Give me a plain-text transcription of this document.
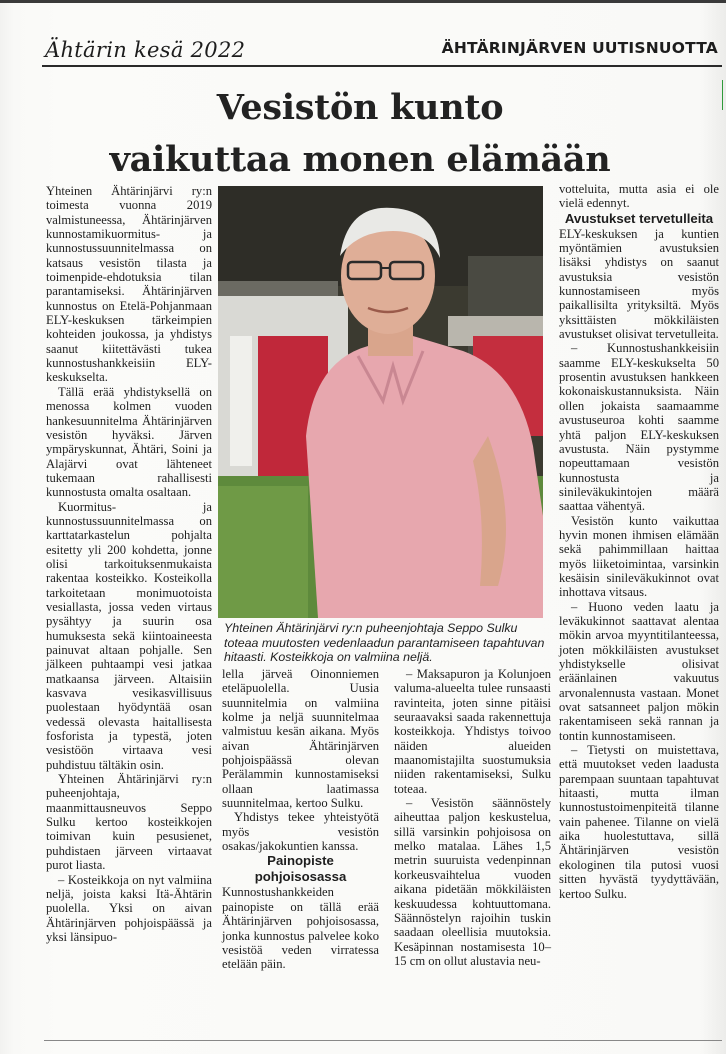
Ähtärin kesä 2022	ÄHTÄRINJÄRVEN UUTISNUOTTA
Vesistön kunto
vaikuttaa monen elämään

Yhteinen Ähtärinjärvi ry:n toimesta vuonna 2019 valmistuneessa, Ähtärinjärven kunnostamikuormitus- ja kunnostussuunnitelmassa on katsaus vesistön tilasta ja toimenpide-ehdotuksia tilan parantamiseksi. Ähtärinjärven kunnostus on Etelä-Pohjanmaan ELY-keskuksen tärkeimpien kohteiden joukossa, ja yhdistys saanut kiitettävästi tukea kunnostushankkeisiin ELY-keskukselta.

Tällä erää yhdistyksellä on menossa kolmen vuoden hankesuunnitelma Ähtärinjärven vesistön hyväksi. Järven ympäryskunnat, Ähtäri, Soini ja Alajärvi ovat lähteneet tukemaan rahallisesti kunnostusta omalta osaltaan.

Kuormitus- ja kunnostussuunnitelmassa on karttatarkastelun pohjalta esitetty yli 200 kohdetta, jonne olisi tarkoituksenmukaista rakentaa kosteikko. Kosteikolla tarkoitetaan monimuotoista vesiallasta, jossa veden virtaus pysähtyy ja suurin osa humuksesta sekä kiintoaineesta painuvat altaan pohjalle. Sen jälkeen puhtaampi vesi jatkaa matkaansa järveen. Altaisiin kasvava vesikasvillisuus puolestaan hyödyntää osan vedessä olevasta haitallisesta fosforista ja typestä, joten vesistöön virtaava vesi puhdistuu tältäkin osin.

Yhteinen Ähtärinjärvi ry:n puheenjohtaja, maanmittausneuvos Seppo Sulku kertoo kosteikkojen toimivan kuin pesusienet, puhdistaen järveen virtaavat purot liasta.

– Kosteikkoja on nyt valmiina neljä, joista kaksi Itä-Ähtärin puolella. Yksi on aivan Ähtärinjärven pohjoispäässä ja yksi länsipuo-

Yhteinen Ähtärinjärvi ry:n puheenjohtaja Seppo Sulku toteaa muutosten vedenlaadun parantamiseen tapahtuvan hitaasti. Kosteikkoja on valmiina neljä.

lella järveä Oinonniemen eteläpuolella. Uusia suunnitelmia on valmiina kolme ja neljä suunnitelmaa valmistuu kesän aikana. Myös aivan Ähtärinjärven pohjoispäässä olevan Perälammin kunnostamiseksi ollaan laatimassa suunnitelmaa, kertoo Sulku.

Yhdistys tekee yhteistyötä myös vesistön osakas/jakokuntien kanssa.

Painopiste pohjoisosassa

Kunnostushankkeiden painopiste on tällä erää Ähtärinjärven pohjoisosassa, jonka kunnostus palvelee koko vesistöä veden virratessa etelään päin.

– Maksapuron ja Kolunjoen valuma-alueelta tulee runsaasti ravinteita, joten sinne pitäisi seuraavaksi saada rakennettuja kosteikkoja. Yhdistys toivoo näiden alueiden maanomistajilta suostumuksia niiden rakentamiseksi, Sulku toteaa.

– Vesistön säännöstely aiheuttaa paljon keskustelua, sillä varsinkin pohjoisosa on melko matalaa. Lähes 1,5 metrin suuruista vedenpinnan korkeusvaihtelua vuoden aikana pidetään mökkiläisten keskuudessa kohtuuttomana. Säännöstelyn rajoihin tuskin saadaan oleellisia muutoksia. Kesäpinnan nostamisesta 10–15 cm on ollut alustavia neu-

votteluita, mutta asia ei ole vielä edennyt.

Avustukset tervetulleita

ELY-keskuksen ja kuntien myöntämien avustuksien lisäksi yhdistys on saanut avustuksia vesistön kunnostamiseen myös paikallisilta yrityksiltä. Myös yksittäisten mökkiläisten avustukset olisivat tervetulleita.

– Kunnostushankkeisiin saamme ELY-keskukselta 50 prosentin avustuksen hankkeen kokonaiskustannuksista. Näin ollen jokaista saamaamme avustuseuroa kohti saamme yhtä paljon ELY-keskuksen avustusta. Näin pystymme nopeuttamaan vesistön kunnostusta ja sinileväkukintojen määrä saattaa vähentyä.

Vesistön kunto vaikuttaa hyvin monen ihmisen elämään sekä pahimmillaan haittaa myös liiketoimintaa, varsinkin kesäisin sinileväkukinnot ovat inhottava vitsaus.

– Huono veden laatu ja leväkukinnot saattavat alentaa mökin arvoa myyntitilanteessa, joten mökkiläisten avustukset yhdistykselle olisivat eräänlainen vakuutus arvonalennusta vastaan. Monet ovat satsanneet paljon mökin rakentamiseen sekä rannan ja tontin kunnostamiseen.

– Tietysti on muistettava, että muutokset veden laadusta parempaan suuntaan tapahtuvat hitaasti, mutta ilman kunnostustoimenpiteitä tilanne vain pahenee. Tilanne on vielä aika huolestuttava, sillä Ähtärinjärven vesistön ekologinen tila putosi vuosi sitten hyvästä tyydyttävään, kertoo Sulku.
